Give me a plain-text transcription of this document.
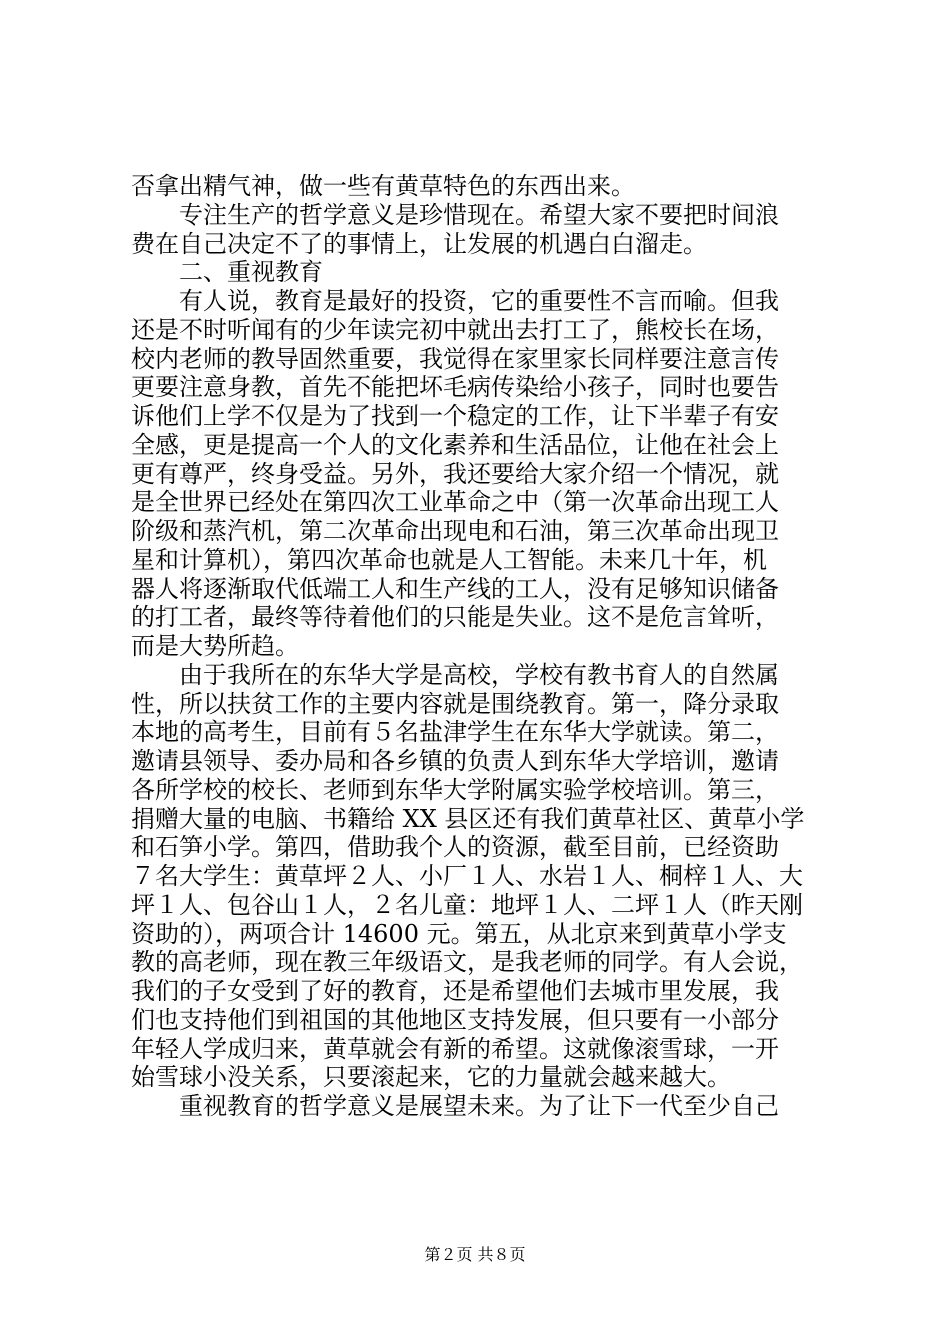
否拿出精气神，做一些有黄草特色的东西出来。
专注生产的哲学意义是珍惜现在。希望大家不要把时间浪
费在自己决定不了的事情上，让发展的机遇白白溜走。
二、重视教育
有人说，教育是最好的投资，它的重要性不言而喻。但我
还是不时听闻有的少年读完初中就出去打工了，熊校长在场，
校内老师的教导固然重要，我觉得在家里家长同样要注意言传
更要注意身教，首先不能把坏毛病传染给小孩子，同时也要告
诉他们上学不仅是为了找到一个稳定的工作，让下半辈子有安
全感，更是提高一个人的文化素养和生活品位，让他在社会上
更有尊严，终身受益。另外，我还要给大家介绍一个情况，就
是全世界已经处在第四次工业革命之中（第一次革命出现工人
阶级和蒸汽机，第二次革命出现电和石油，第三次革命出现卫
星和计算机），第四次革命也就是人工智能。未来几十年，机
器人将逐渐取代低端工人和生产线的工人，没有足够知识储备
的打工者，最终等待着他们的只能是失业。这不是危言耸听，
而是大势所趋。
由于我所在的东华大学是高校，学校有教书育人的自然属
性，所以扶贫工作的主要内容就是围绕教育。第一，降分录取
本地的高考生，目前有５名盐津学生在东华大学就读。第二，
邀请县领导、委办局和各乡镇的负责人到东华大学培训，邀请
各所学校的校长、老师到东华大学附属实验学校培训。第三，
捐赠大量的电脑、书籍给 XX 县区还有我们黄草社区、黄草小学
和石笋小学。第四，借助我个人的资源，截至目前，已经资助
７名大学生：黄草坪２人、小厂１人、水岩１人、桐梓１人、大
坪１人、包谷山１人，２名儿童：地坪１人、二坪１人（昨天刚
资助的），两项合计 14600 元。第五，从北京来到黄草小学支
教的高老师，现在教三年级语文，是我老师的同学。有人会说，
我们的子女受到了好的教育，还是希望他们去城市里发展，我
们也支持他们到祖国的其他地区支持发展，但只要有一小部分
年轻人学成归来，黄草就会有新的希望。这就像滚雪球，一开
始雪球小没关系，只要滚起来，它的力量就会越来越大。
重视教育的哲学意义是展望未来。为了让下一代至少自己
第２页 共８页
